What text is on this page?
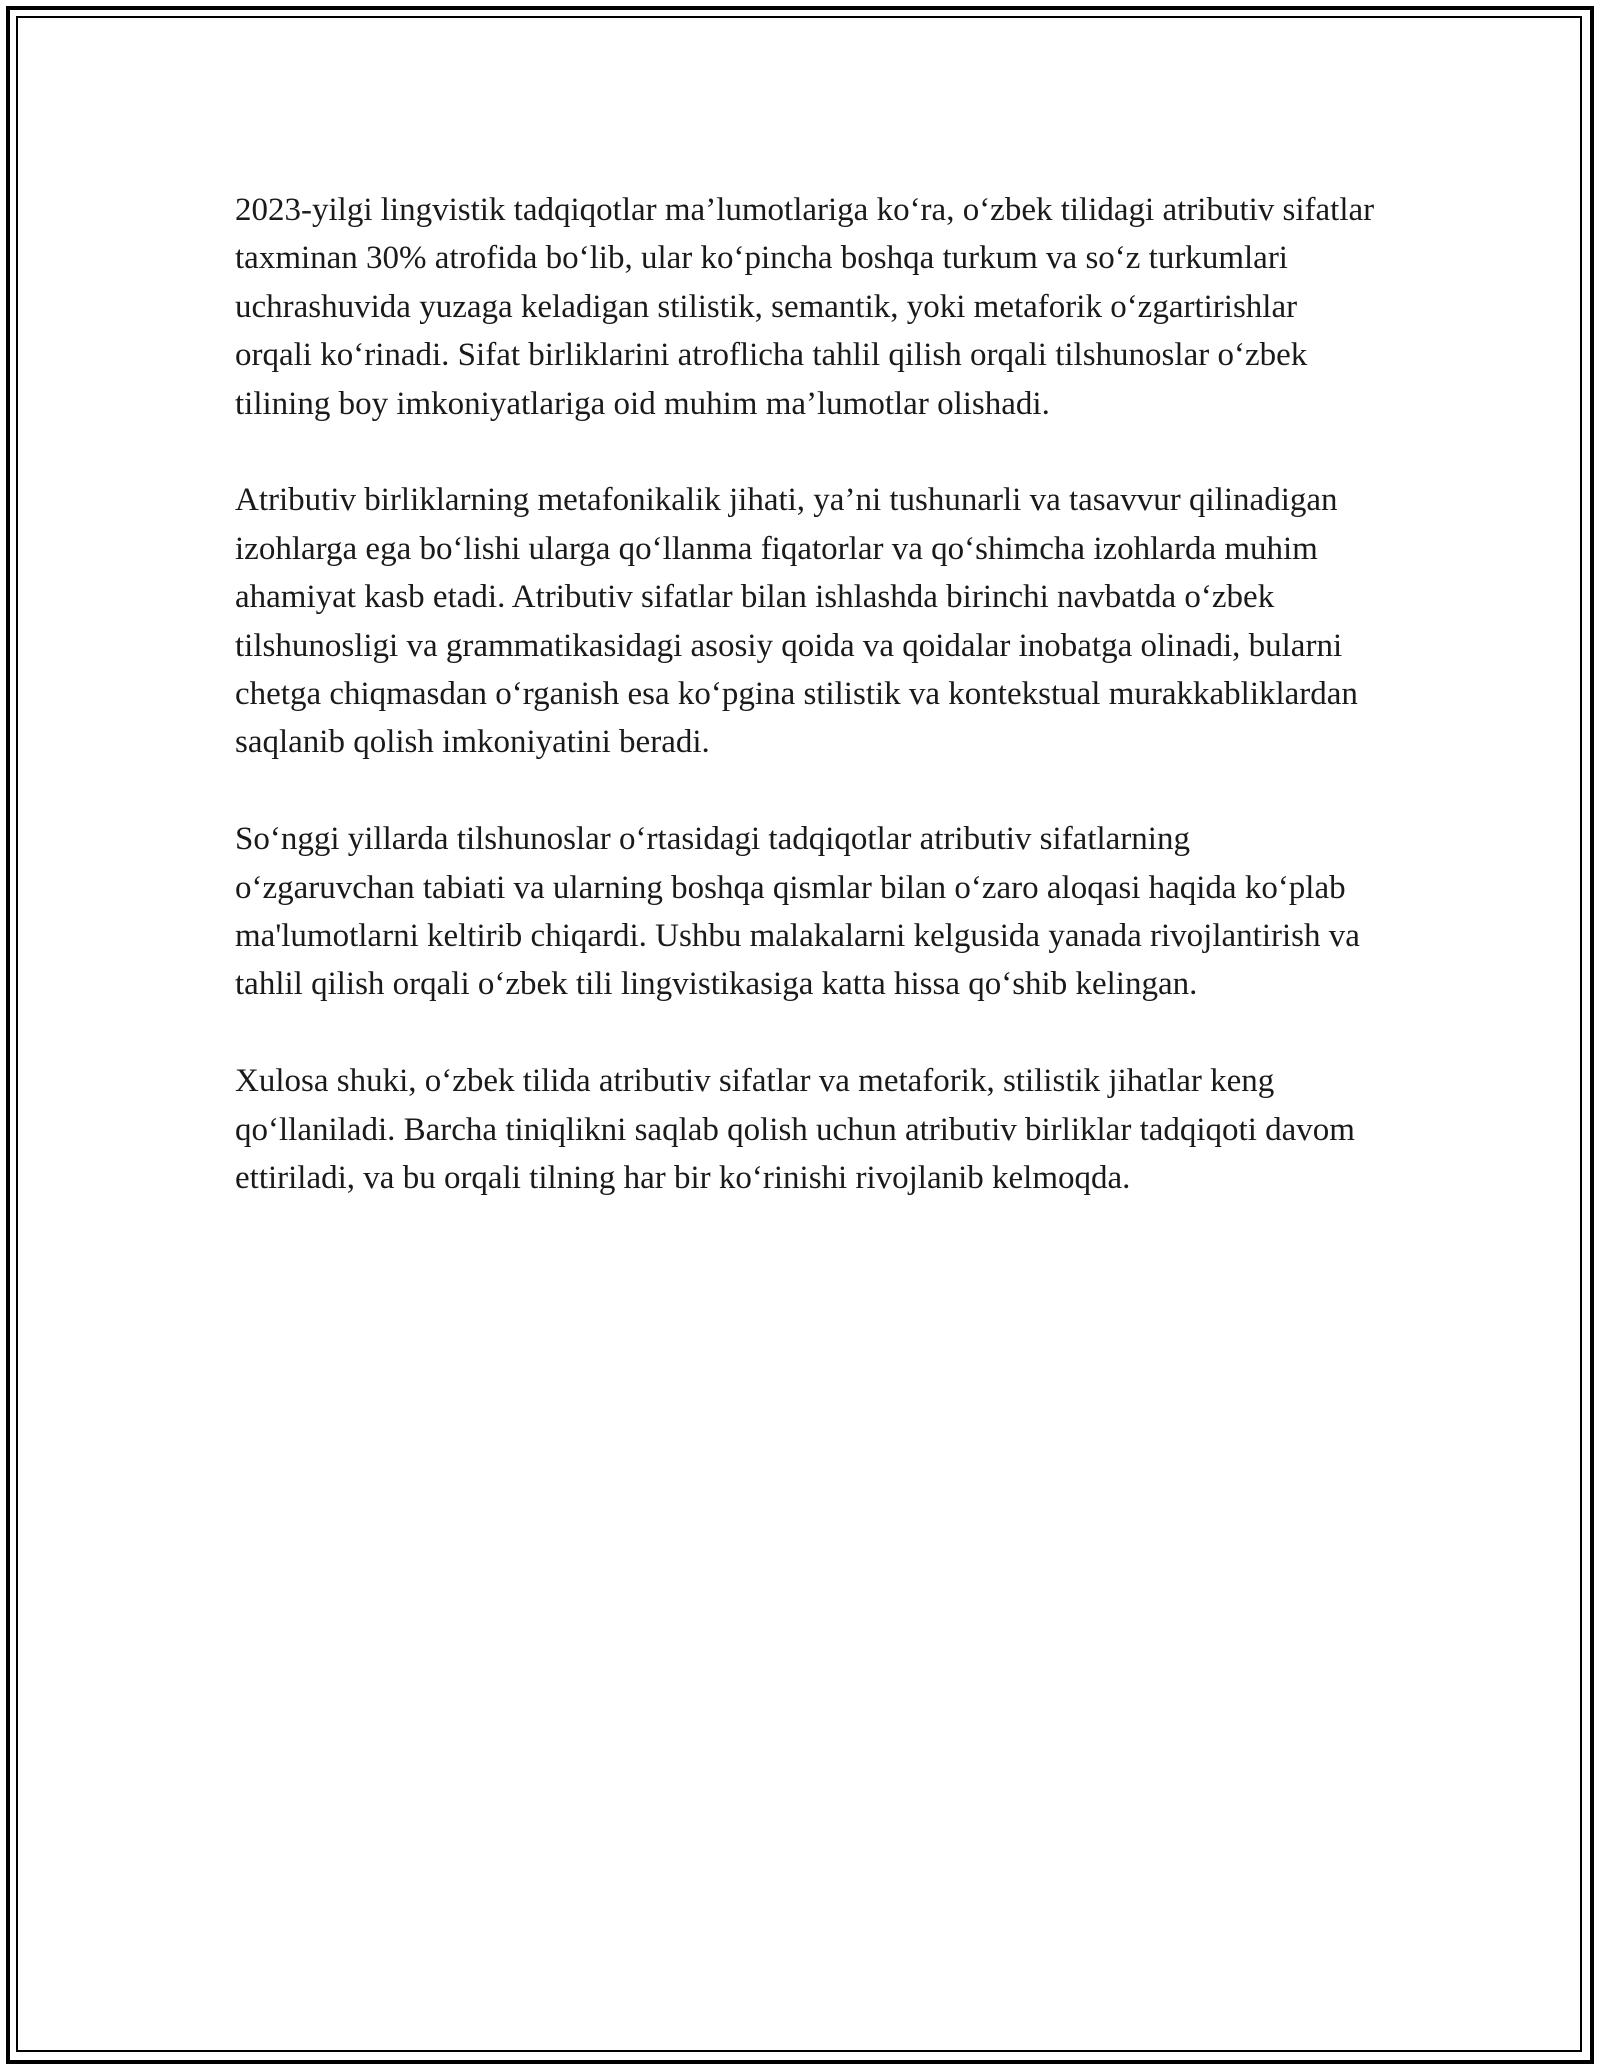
2023-yilgi lingvistik tadqiqotlar ma’lumotlariga ko‘ra, o‘zbek tilidagi atributiv sifatlar taxminan 30% atrofida bo‘lib, ular ko‘pincha boshqa turkum va so‘z turkumlari uchrashuvida yuzaga keladigan stilistik, semantik, yoki metaforik o‘zgartirishlar orqali ko‘rinadi. Sifat birliklarini atroflicha tahlil qilish orqali tilshunoslar o‘zbek tilining boy imkoniyatlariga oid muhim ma’lumotlar olishadi.

Atributiv birliklarning metafonikalik jihati, ya’ni tushunarli va tasavvur qilinadigan izohlarga ega bo‘lishi ularga qo‘llanma fiqatorlar va qo‘shimcha izohlarda muhim ahamiyat kasb etadi. Atributiv sifatlar bilan ishlashda birinchi navbatda o‘zbek tilshunosligi va grammatikasidagi asosiy qoida va qoidalar inobatga olinadi, bularni chetga chiqmasdan o‘rganish esa ko‘pgina stilistik va kontekstual murakkabliklardan saqlanib qolish imkoniyatini beradi.

So‘nggi yillarda tilshunoslar o‘rtasidagi tadqiqotlar atributiv sifatlarning o‘zgaruvchan tabiati va ularning boshqa qismlar bilan o‘zaro aloqasi haqida ko‘plab ma'lumotlarni keltirib chiqardi. Ushbu malakalarni kelgusida yanada rivojlantirish va tahlil qilish orqali o‘zbek tili lingvistikasiga katta hissa qo‘shib kelingan.

Xulosa shuki, o‘zbek tilida atributiv sifatlar va metaforik, stilistik jihatlar keng qo‘llaniladi. Barcha tiniqlikni saqlab qolish uchun atributiv birliklar tadqiqoti davom ettiriladi, va bu orqali tilning har bir ko‘rinishi rivojlanib kelmoqda.
